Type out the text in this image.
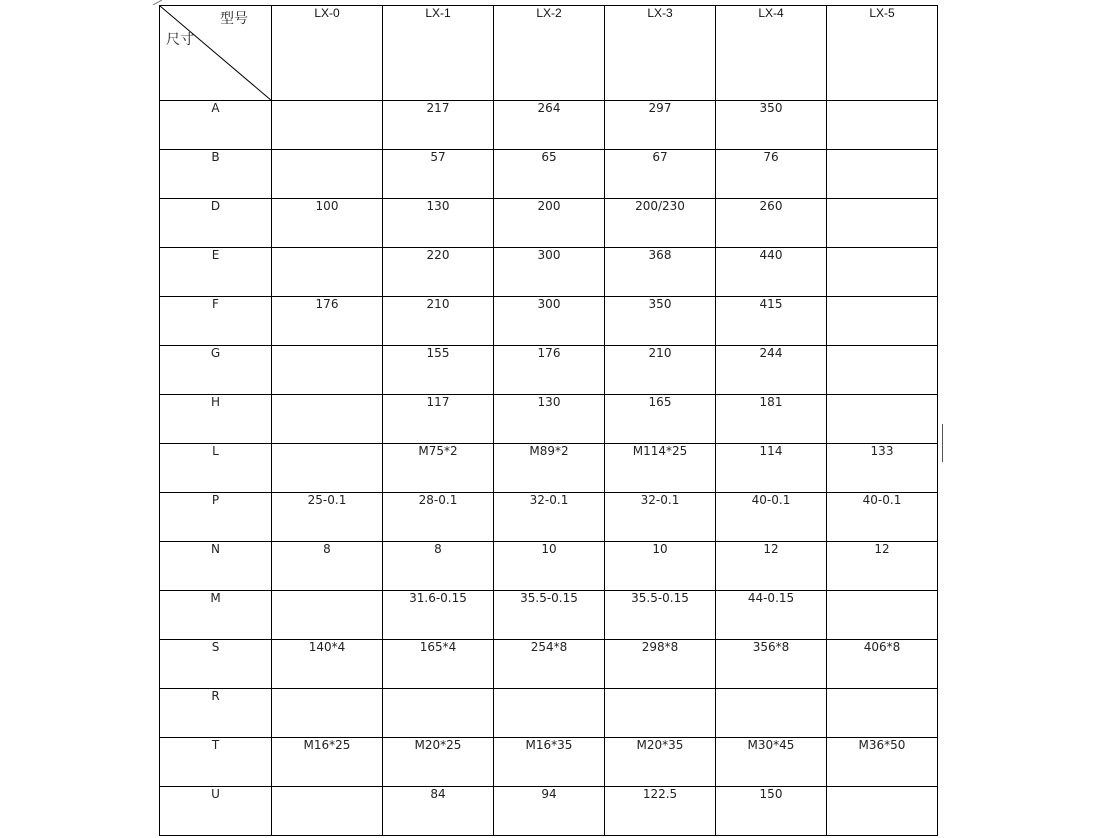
型号
尺寸	LX-0	LX-1	LX-2	LX-3	LX-4	LX-5
A		217	264	297	350	
B		57	65	67	76	
D	100	130	200	200/230	260	
E		220	300	368	440	
F	176	210	300	350	415	
G		155	176	210	244	
H		117	130	165	181	
L		M75*2	M89*2	M114*25	114	133
P	25-0.1	28-0.1	32-0.1	32-0.1	40-0.1	40-0.1
N	8	8	10	10	12	12
M		31.6-0.15	35.5-0.15	35.5-0.15	44-0.15	
S	140*4	165*4	254*8	298*8	356*8	406*8
R						
T	M16*25	M20*25	M16*35	M20*35	M30*45	M36*50
U		84	94	122.5	150	
